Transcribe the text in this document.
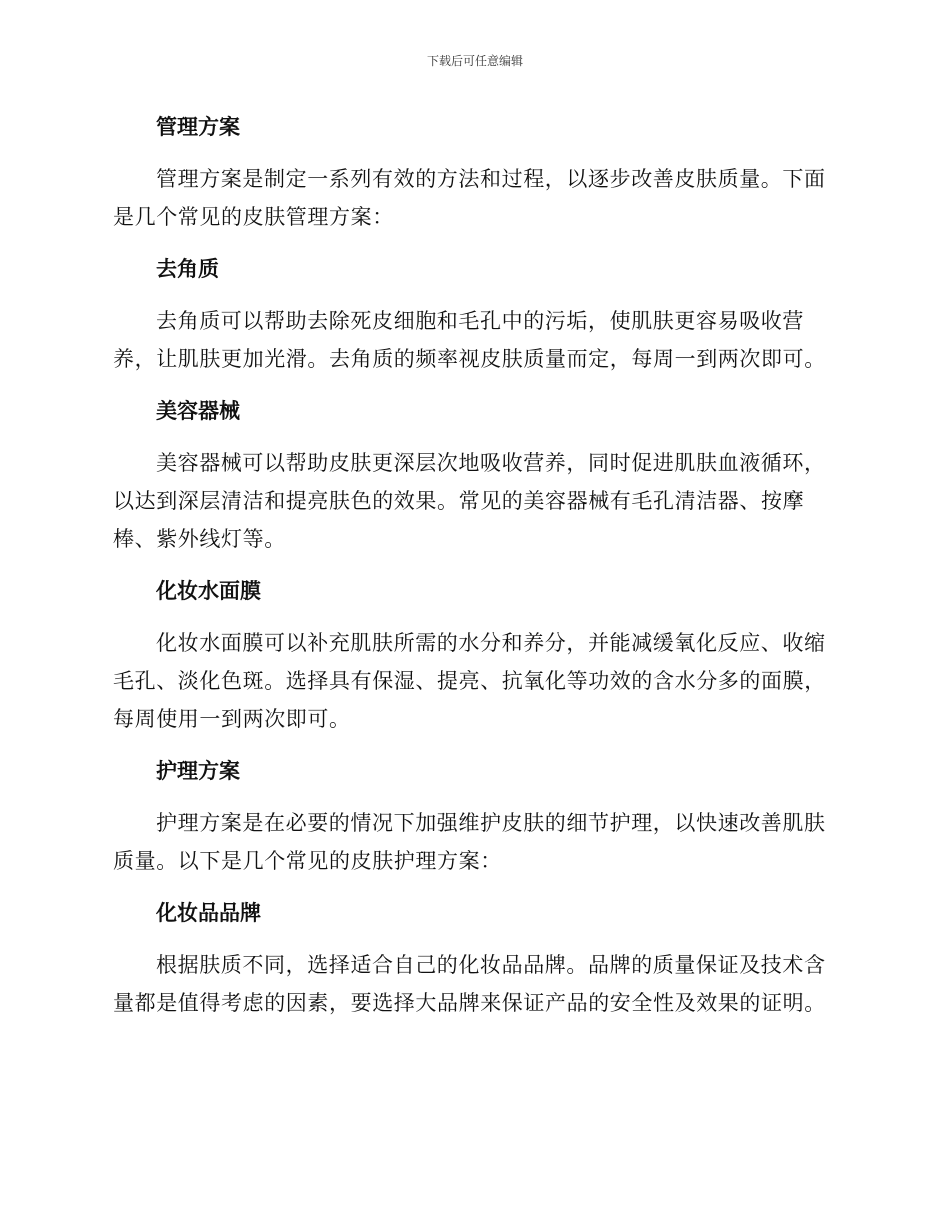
下载后可任意编辑
管理方案

管理方案是制定一系列有效的方法和过程，以逐步改善皮肤质量。下面是几个常见的皮肤管理方案：

去角质

去角质可以帮助去除死皮细胞和毛孔中的污垢，使肌肤更容易吸收营养，让肌肤更加光滑。去角质的频率视皮肤质量而定，每周一到两次即可。

美容器械

美容器械可以帮助皮肤更深层次地吸收营养，同时促进肌肤血液循环，以达到深层清洁和提亮肤色的效果。常见的美容器械有毛孔清洁器、按摩棒、紫外线灯等。

化妆水面膜

化妆水面膜可以补充肌肤所需的水分和养分，并能减缓氧化反应、收缩毛孔、淡化色斑。选择具有保湿、提亮、抗氧化等功效的含水分多的面膜，每周使用一到两次即可。

护理方案

护理方案是在必要的情况下加强维护皮肤的细节护理，以快速改善肌肤质量。以下是几个常见的皮肤护理方案：

化妆品品牌

根据肤质不同，选择适合自己的化妆品品牌。品牌的质量保证及技术含量都是值得考虑的因素，要选择大品牌来保证产品的安全性及效果的证明。
